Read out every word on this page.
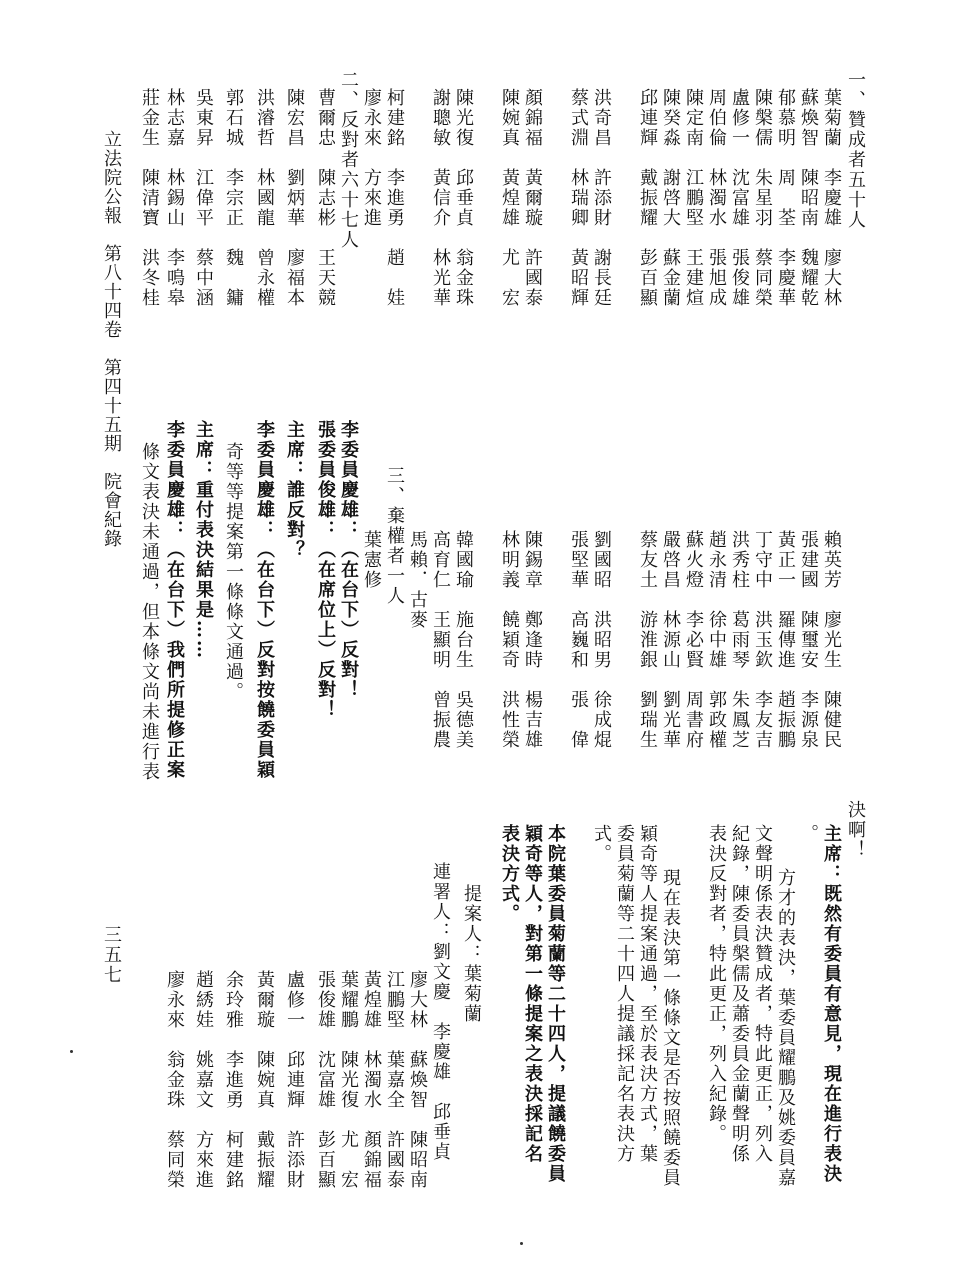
一、贊成者五十人
葉菊蘭　李慶雄　廖大林
蘇煥智　陳昭南　魏耀乾
郁慕明　周　荃　李慶華
陳槃儒　朱星羽　蔡同榮
盧修一　沈富雄　張俊雄
周伯倫　林濁水　張旭成
陳定南　江鵬堅　王建煊
陳癸淼　謝啓大　蘇金蘭
邱連輝　戴振耀　彭百顯
洪奇昌　許添財　謝長廷
蔡式淵　林瑞卿　黃昭輝
顏錦福　黃爾璇　許國泰
陳婉真　黃煌雄　尤　宏
陳光復　邱垂貞　翁金珠
謝聰敏　黃信介　林光華
柯建銘　李進勇　趙　娃
廖永來　方來進
二、反對者六十七人
曹爾忠　陳志彬　王天競
陳宏昌　劉炳華　廖福本
洪濬哲　林國龍　曾永權
郭石城　李宗正　魏　鏞
吳東昇　江偉平　蔡中涵
林志嘉　林錫山　李鳴皋
莊金生　陳清寶　洪冬桂
賴英芳　廖光生　陳健民
張建國　陳璽安　李源泉
黃正一　羅傳進　趙振鵬
丁守中　洪玉欽　李友吉
洪秀柱　葛雨琴　朱鳳芝
趙永清　徐中雄　郭政權
蘇火燈　李必賢　周書府
嚴啓昌　林源山　劉光華
蔡友土　游淮銀　劉瑞生
劉國昭　洪昭男　徐成焜
張堅華　高巍和　張　偉
陳錫章　鄭逢時　楊吉雄
林明義　饒穎奇　洪性榮
韓國瑜　施台生　吳德美
高育仁　王顯明　曾振農
馬賴．古麥
三、棄權者一人
葉憲修
李委員慶雄：（在台下）反對！
張委員俊雄：（在席位上）反對！
主席：誰反對？
李委員慶雄：（在台下）反對按饒委員穎
奇等等提案第一條條文通過。
主席：重付表決結果是……
李委員慶雄：（在台下）我們所提修正案
條文表決未通過，但本條文尚未進行表
決啊！
主席：既然有委員有意見，現在進行表決
。
方才的表決，葉委員耀鵬及姚委員嘉
文聲明係表決贊成者，特此更正，列入
紀錄，陳委員槃儒及蕭委員金蘭聲明係
表決反對者，特此更正，列入紀錄。
現在表決第一條條文是否按照饒委員
穎奇等人提案通過，至於表決方式，葉
委員菊蘭等二十四人提議採記名表決方
式。
本院葉委員菊蘭等二十四人，提議饒委員
穎奇等人，對第一條提案之表決採記名
表決方式。
提案人：葉菊蘭
連署人：劉文慶　李慶雄　邱垂貞
廖大林　蘇煥智　陳昭南
江鵬堅　葉嘉全　許國泰
黃煌雄　林濁水　顏錦福
葉耀鵬　陳光復　尤　宏
張俊雄　沈富雄　彭百顯
盧修一　邱連輝　許添財
黃爾璇　陳婉真　戴振耀
余玲雅　李進勇　柯建銘
趙綉娃　姚嘉文　方來進
廖永來　翁金珠　蔡同榮
立法院公報　第八十四卷　第四十五期　院會紀錄
三五七
